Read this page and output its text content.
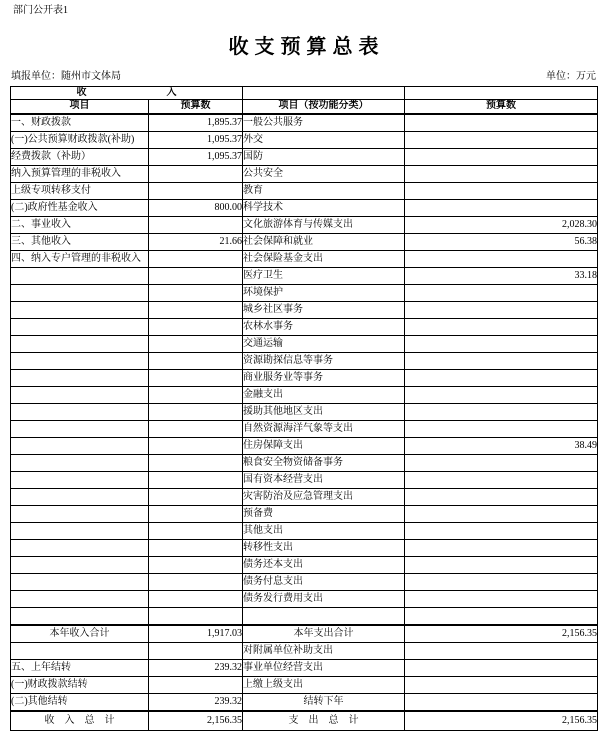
部门公开表1
收支预算总表
填报单位：随州市文体局	单位：万元
收　　　　　　　　入			
项目	预算数	项目（按功能分类）	预算数
一、财政拨款	1,895.37	一般公共服务	
(一)公共预算财政拨款(补助)	1,095.37	外交	
经费拨款（补助）	1,095.37	国防	
纳入预算管理的非税收入		公共安全	
上级专项转移支付		教育	
(二)政府性基金收入	800.00	科学技术	
二、事业收入		文化旅游体育与传媒支出	2,028.30
三、其他收入	21.66	社会保障和就业	56.38
四、纳入专户管理的非税收入		社会保险基金支出	
		医疗卫生	33.18
		环境保护	
		城乡社区事务	
		农林水事务	
		交通运输	
		资源勘探信息等事务	
		商业服务业等事务	
		金融支出	
		援助其他地区支出	
		自然资源海洋气象等支出	
		住房保障支出	38.49
		粮食安全物资储备事务	
		国有资本经营支出	
		灾害防治及应急管理支出	
		预备费	
		其他支出	
		转移性支出	
		债务还本支出	
		债务付息支出	
		债务发行费用支出	

本年收入合计	1,917.03	本年支出合计	2,156.35
		对附属单位补助支出	
五、上年结转	239.32	事业单位经营支出	
(一)财政拨款结转		上缴上级支出	
(二)其他结转	239.32	结转下年	
收　入　总　计	2,156.35	支　出　总　计	2,156.35
